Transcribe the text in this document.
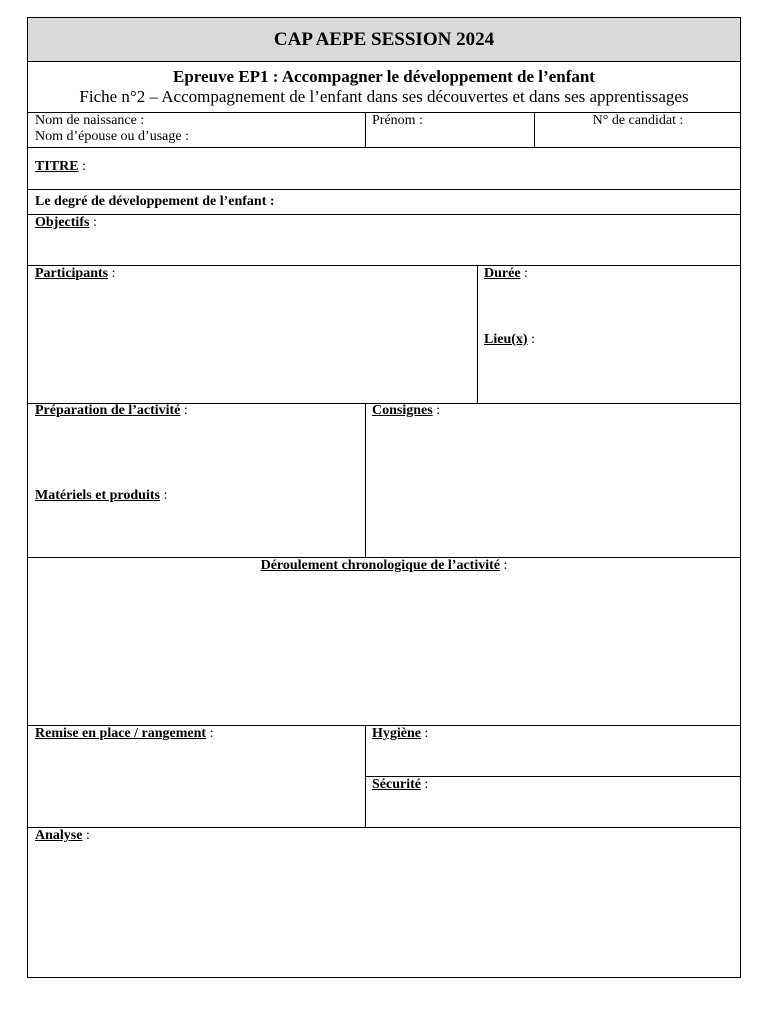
CAP AEPE SESSION 2024
Epreuve EP1 : Accompagner le développement de l’enfant
Fiche n°2 – Accompagnement de l’enfant dans ses découvertes et dans ses apprentissages
Nom de naissance :
Nom d’épouse ou d’usage :
Prénom :	N° de candidat :
TITRE :
Le degré de développement de l’enfant :
Objectifs :
Participants :	Durée :
Lieu(x) :
Préparation de l’activité :
Matériels et produits :
Consignes :
Déroulement chronologique de l’activité :
Remise en place / rangement :	Hygiène :
Sécurité :
Analyse :
